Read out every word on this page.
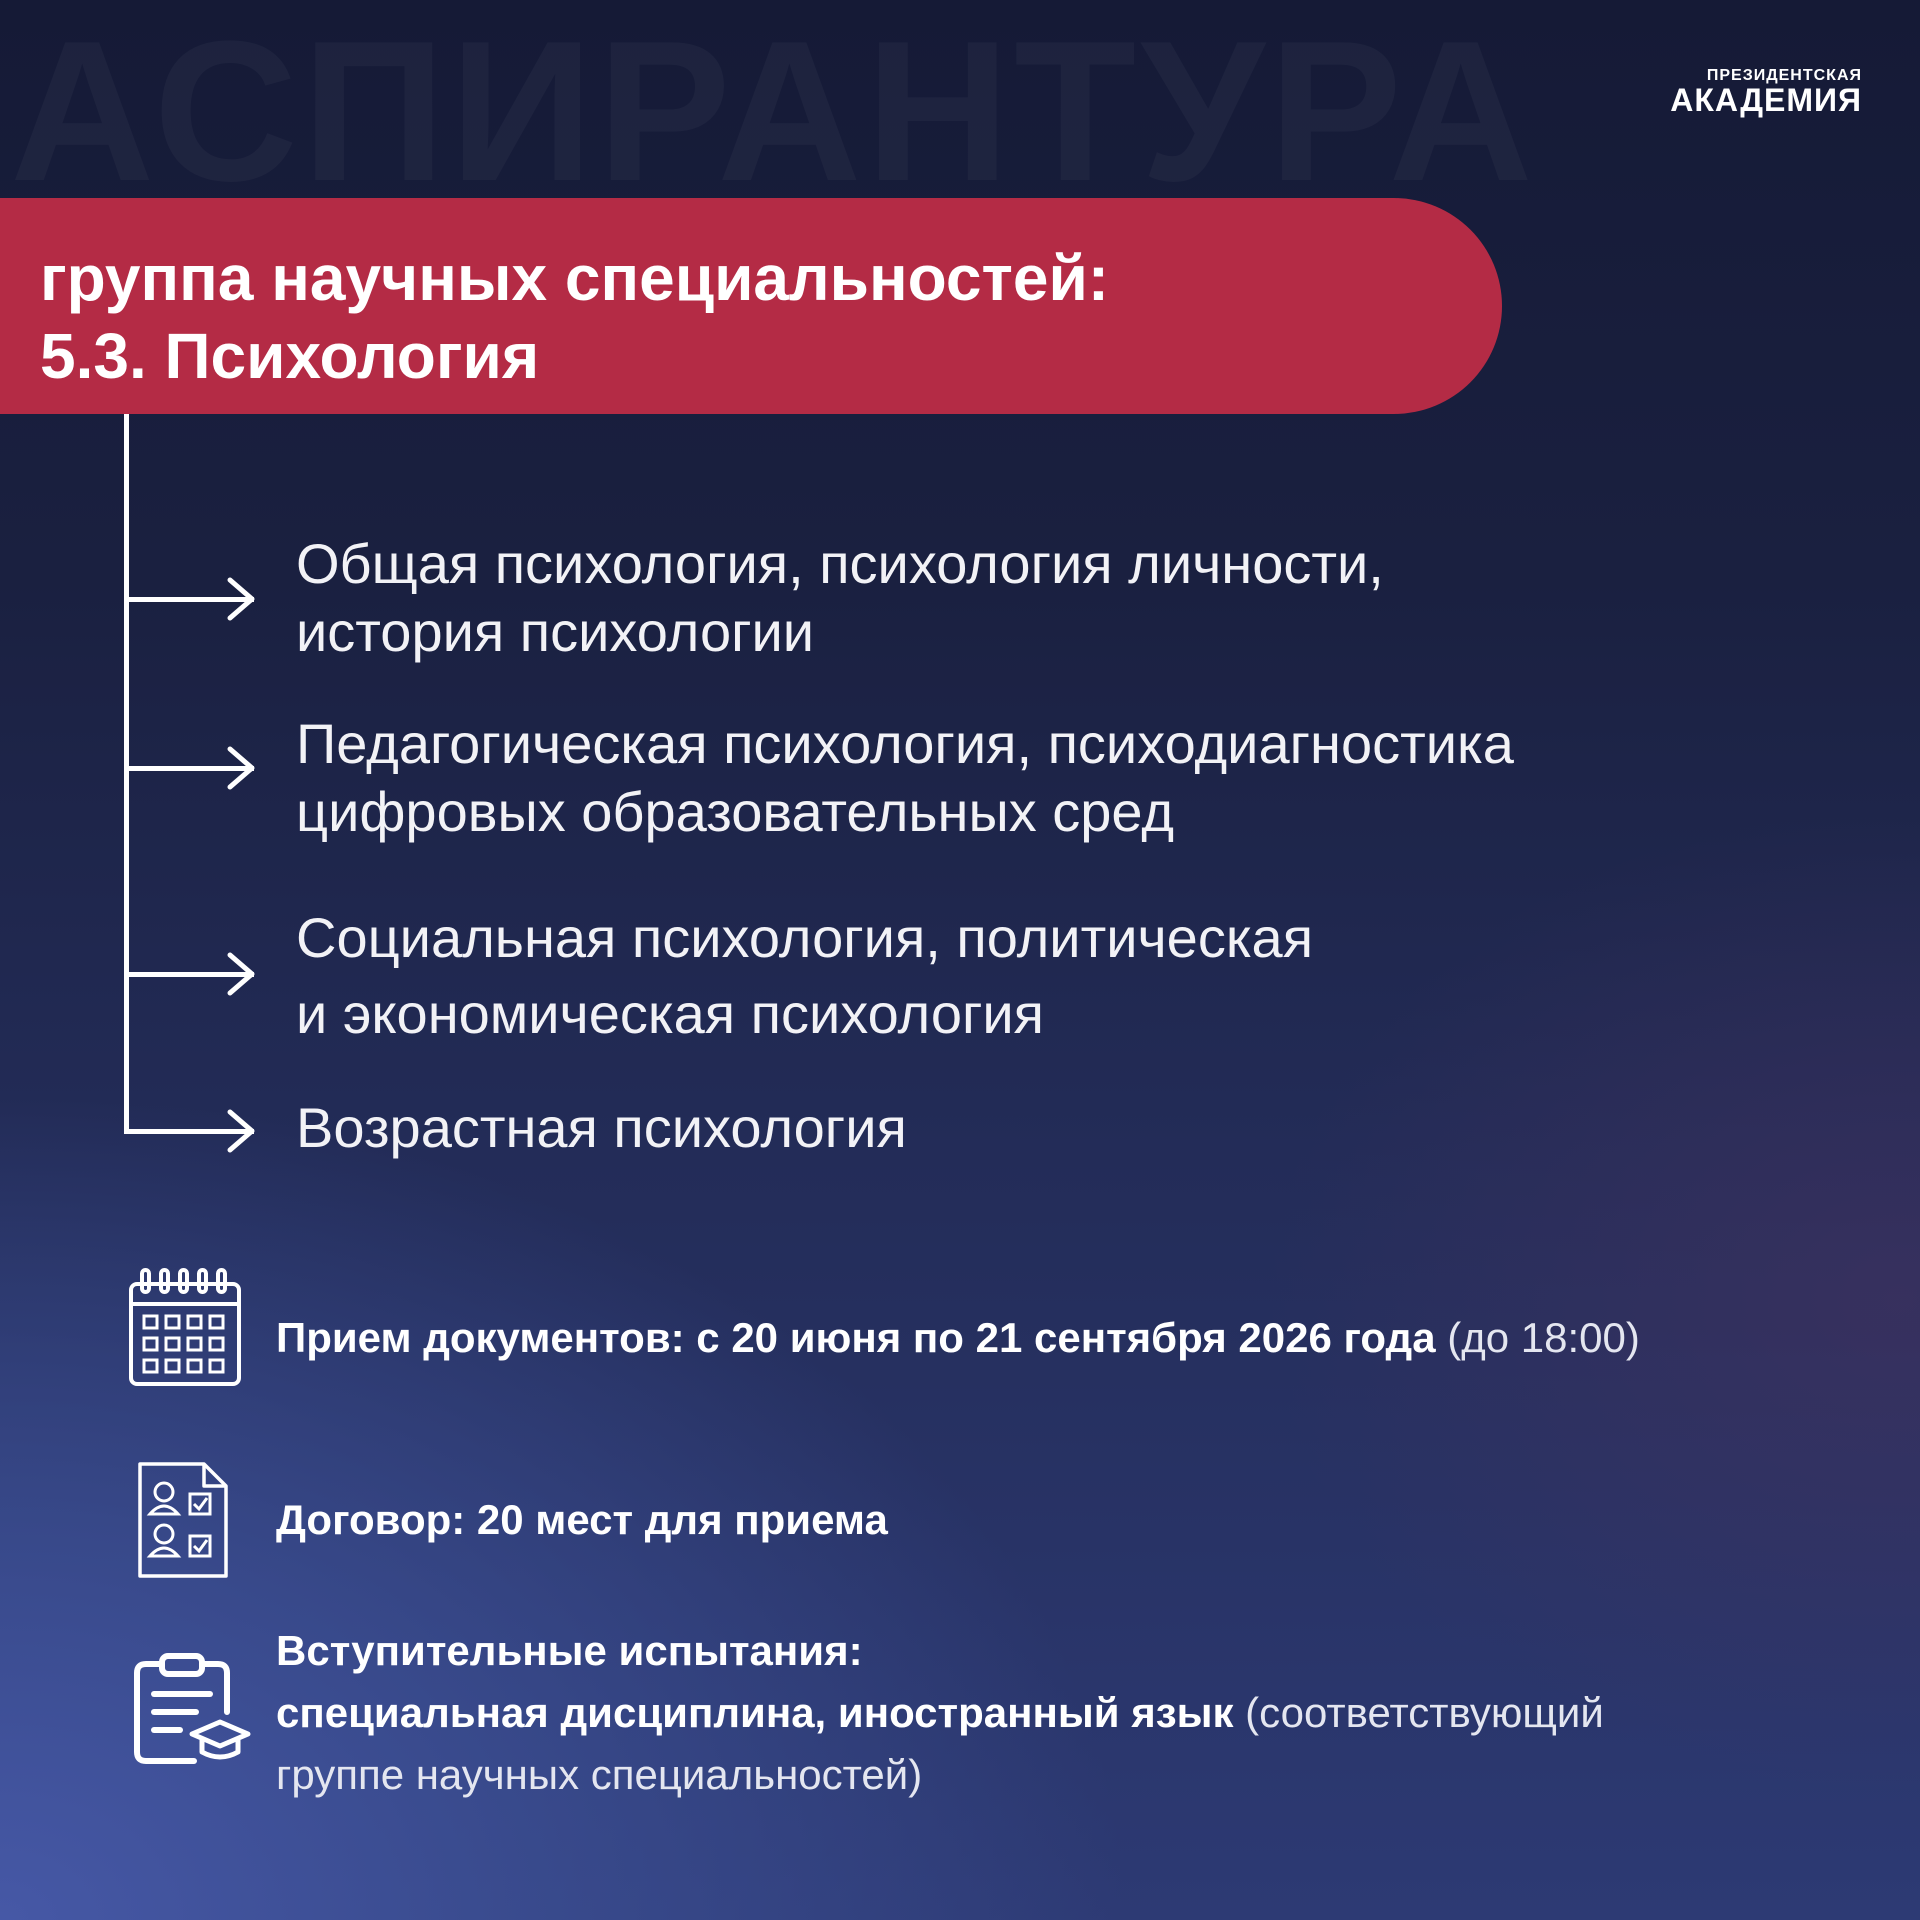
ПРЕЗИДЕНТСКАЯ
АКАДЕМИЯ
группа научных специальностей:
5.3. Психология
Общая психология, психология личности,
история психологии
Педагогическая психология, психодиагностика
цифровых образовательных сред
Социальная психология, политическая
и экономическая психология
Возрастная психология
Прием документов: с 20 июня по 21 сентября 2026 года (до 18:00)
Договор: 20 мест для приема
Вступительные испытания:
специальная дисциплина, иностранный язык (соответствующий
группе научных специальностей)
